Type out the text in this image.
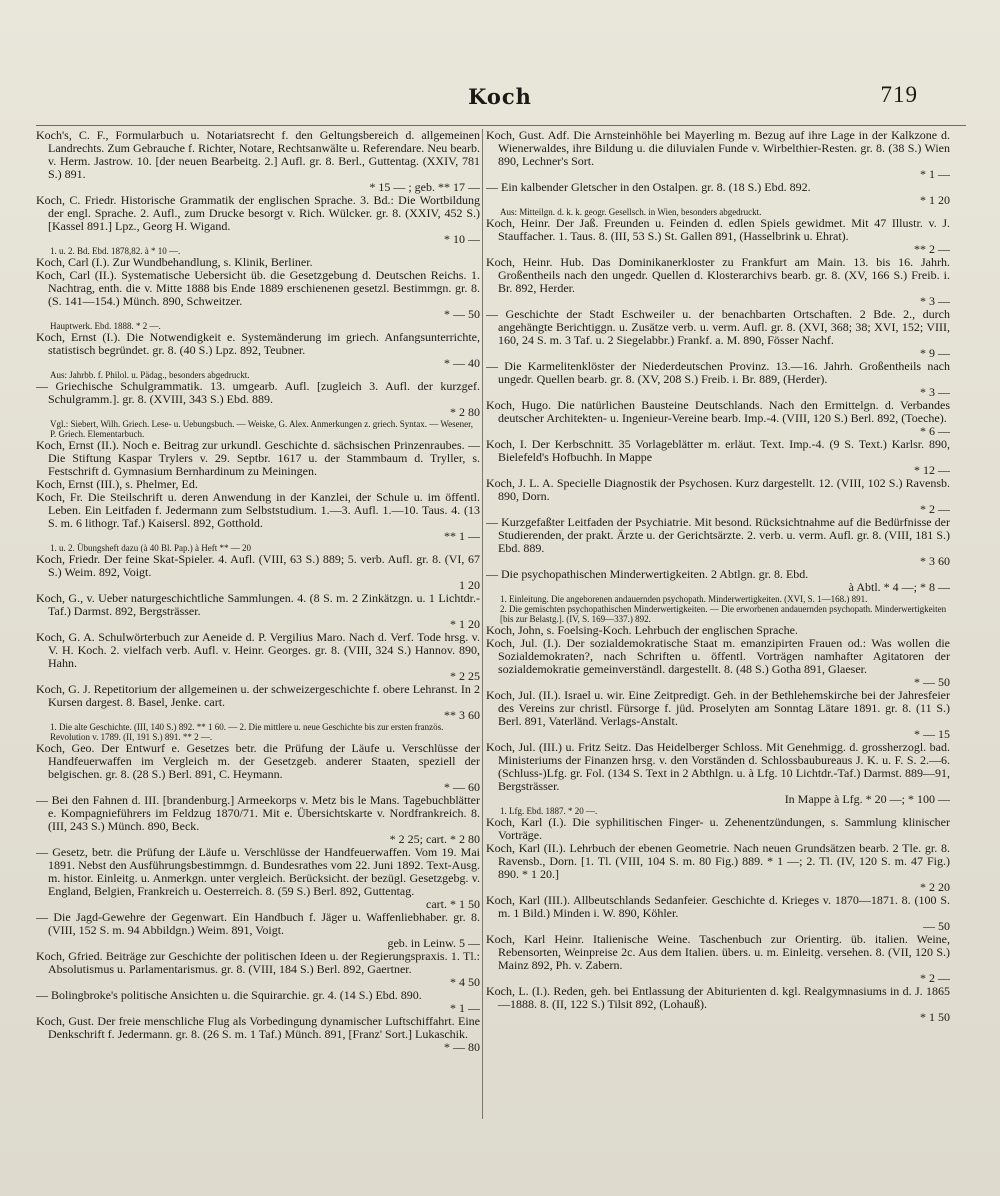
Koch	719

Koch's, C. F., Formularbuch u. Notariatsrecht f. den Geltungsbereich d. allgemeinen Landrechts. Zum Gebrauche f. Richter, Notare, Rechtsanwälte u. Referendare. Neu bearb. v. Herm. Jastrow. 10. [der neuen Bearbeitg. 2.] Aufl. gr. 8. Berl., Guttentag. (XXIV, 781 S.) 891.
* 15 — ; geb. ** 17 —

Koch, C. Friedr. Historische Grammatik der englischen Sprache. 3. Bd.: Die Wortbildung der engl. Sprache. 2. Aufl., zum Drucke besorgt v. Rich. Wülcker. gr. 8. (XXIV, 452 S.) [Kassel 891.] Lpz., Georg H. Wigand.
* 10 —

1. u. 2. Bd. Ebd. 1878,82. à * 10 —.

Koch, Carl (I.). Zur Wundbehandlung, s. Klinik, Berliner.

Koch, Carl (II.). Systematische Uebersicht üb. die Gesetzgebung d. Deutschen Reichs. 1. Nachtrag, enth. die v. Mitte 1888 bis Ende 1889 erschienenen gesetzl. Bestimmgn. gr. 8. (S. 141—154.) Münch. 890, Schweitzer.
* — 50

Hauptwerk. Ebd. 1888. * 2 —.

Koch, Ernst (I.). Die Notwendigkeit e. Systemänderung im griech. Anfangsunterrichte, statistisch begründet. gr. 8. (40 S.) Lpz. 892, Teubner.
* — 40

Aus: Jahrbb. f. Philol. u. Pädag., besonders abgedruckt.

— Griechische Schulgrammatik. 13. umgearb. Aufl. [zugleich 3. Aufl. der kurzgef. Schulgramm.]. gr. 8. (XVIII, 343 S.) Ebd. 889.
* 2 80

Vgl.: Siebert, Wilh. Griech. Lese- u. Uebungsbuch. — Weiske, G. Alex. Anmerkungen z. griech. Syntax. — Wesener, P. Griech. Elementarbuch.

Koch, Ernst (II.). Noch e. Beitrag zur urkundl. Geschichte d. sächsischen Prinzenraubes. — Die Stiftung Kaspar Trylers v. 29. Septbr. 1617 u. der Stammbaum d. Tryller, s. Festschrift d. Gymnasium Bernhardinum zu Meiningen.

Koch, Ernst (III.), s. Phelmer, Ed.

Koch, Fr. Die Steilschrift u. deren Anwendung in der Kanzlei, der Schule u. im öffentl. Leben. Ein Leitfaden f. Jedermann zum Selbststudium. 1.—3. Aufl. 1.—10. Taus. 4. (13 S. m. 6 lithogr. Taf.) Kaisersl. 892, Gotthold.
** 1 —

1. u. 2. Übungsheft dazu (à 40 Bl. Pap.) à Heft ** — 20

Koch, Friedr. Der feine Skat-Spieler. 4. Aufl. (VIII, 63 S.) 889; 5. verb. Aufl. gr. 8. (VI, 67 S.) Weim. 892, Voigt.
1 20

Koch, G., v. Ueber naturgeschichtliche Sammlungen. 4. (8 S. m. 2 Zinkätzgn. u. 1 Lichtdr.-Taf.) Darmst. 892, Bergsträsser.
* 1 20

Koch, G. A. Schulwörterbuch zur Aeneide d. P. Vergilius Maro. Nach d. Verf. Tode hrsg. v. V. H. Koch. 2. vielfach verb. Aufl. v. Heinr. Georges. gr. 8. (VIII, 324 S.) Hannov. 890, Hahn.
* 2 25

Koch, G. J. Repetitorium der allgemeinen u. der schweizergeschichte f. obere Lehranst. In 2 Kursen dargest. 8. Basel, Jenke. cart.
** 3 60

1. Die alte Geschichte. (III, 140 S.) 892. ** 1 60. — 2. Die mittlere u. neue Geschichte bis zur ersten französ. Revolution v. 1789. (II, 191 S.) 891. ** 2 —.

Koch, Geo. Der Entwurf e. Gesetzes betr. die Prüfung der Läufe u. Verschlüsse der Handfeuerwaffen im Vergleich m. der Gesetzgeb. anderer Staaten, speziell der belgischen. gr. 8. (28 S.) Berl. 891, C. Heymann.
* — 60

— Bei den Fahnen d. III. [brandenburg.] Armeekorps v. Metz bis le Mans. Tagebuchblätter e. Kompagnieführers im Feldzug 1870/71. Mit e. Übersichtskarte v. Nordfrankreich. 8. (III, 243 S.) Münch. 890, Beck.
* 2 25; cart. * 2 80

— Gesetz, betr. die Prüfung der Läufe u. Verschlüsse der Handfeuerwaffen. Vom 19. Mai 1891. Nebst den Ausführungsbestimmgn. d. Bundesrathes vom 22. Juni 1892. Text-Ausg. m. histor. Einleitg. u. Anmerkgn. unter vergleich. Berücksicht. der bezügl. Gesetzgebg. v. England, Belgien, Frankreich u. Oesterreich. 8. (59 S.) Berl. 892, Guttentag.
cart. * 1 50

— Die Jagd-Gewehre der Gegenwart. Ein Handbuch f. Jäger u. Waffenliebhaber. gr. 8. (VIII, 152 S. m. 94 Abbildgn.) Weim. 891, Voigt.
geb. in Leinw. 5 —

Koch, Gfried. Beiträge zur Geschichte der politischen Ideen u. der Regierungspraxis. 1. Tl.: Absolutismus u. Parlamentarismus. gr. 8. (VIII, 184 S.) Berl. 892, Gaertner.
* 4 50

— Bolingbroke's politische Ansichten u. die Squirarchie. gr. 4. (14 S.) Ebd. 890.
* 1 —

Koch, Gust. Der freie menschliche Flug als Vorbedingung dynamischer Luftschiffahrt. Eine Denkschrift f. Jedermann. gr. 8. (26 S. m. 1 Taf.) Münch. 891, [Franz' Sort.] Lukaschik.
* — 80

Koch, Gust. Adf. Die Arnsteinhöhle bei Mayerling m. Bezug auf ihre Lage in der Kalkzone d. Wienerwaldes, ihre Bildung u. die diluvialen Funde v. Wirbelthier-Resten. gr. 8. (38 S.) Wien 890, Lechner's Sort.
* 1 —

— Ein kalbender Gletscher in den Ostalpen. gr. 8. (18 S.) Ebd. 892.
* 1 20

Aus: Mitteilgn. d. k. k. geogr. Gesellsch. in Wien, besonders abgedruckt.

Koch, Heinr. Der Jaß. Freunden u. Feinden d. edlen Spiels gewidmet. Mit 47 Illustr. v. J. Stauffacher. 1. Taus. 8. (III, 53 S.) St. Gallen 891, (Hasselbrink u. Ehrat).
** 2 —

Koch, Heinr. Hub. Das Dominikanerkloster zu Frankfurt am Main. 13. bis 16. Jahrh. Großentheils nach den ungedr. Quellen d. Klosterarchivs bearb. gr. 8. (XV, 166 S.) Freib. i. Br. 892, Herder.
* 3 —

— Geschichte der Stadt Eschweiler u. der benachbarten Ortschaften. 2 Bde. 2., durch angehängte Berichtiggn. u. Zusätze verb. u. verm. Aufl. gr. 8. (XVI, 368; 38; XVI, 152; VIII, 160, 24 S. m. 3 Taf. u. 2 Siegelabbr.) Frankf. a. M. 890, Fösser Nachf.
* 9 —

— Die Karmelitenklöster der Niederdeutschen Provinz. 13.—16. Jahrh. Großentheils nach ungedr. Quellen bearb. gr. 8. (XV, 208 S.) Freib. i. Br. 889, (Herder).
* 3 —

Koch, Hugo. Die natürlichen Bausteine Deutschlands. Nach den Ermittelgn. d. Verbandes deutscher Architekten- u. Ingenieur-Vereine bearb. Imp.-4. (VIII, 120 S.) Berl. 892, (Toeche).
* 6 —

Koch, I. Der Kerbschnitt. 35 Vorlageblätter m. erläut. Text. Imp.-4. (9 S. Text.) Karlsr. 890, Bielefeld's Hofbuchh. In Mappe
* 12 —

Koch, J. L. A. Specielle Diagnostik der Psychosen. Kurz dargestellt. 12. (VIII, 102 S.) Ravensb. 890, Dorn.
* 2 —

— Kurzgefaßter Leitfaden der Psychiatrie. Mit besond. Rücksichtnahme auf die Bedürfnisse der Studierenden, der prakt. Ärzte u. der Gerichtsärzte. 2. verb. u. verm. Aufl. gr. 8. (VIII, 181 S.) Ebd. 889.
* 3 60

— Die psychopathischen Minderwertigkeiten. 2 Abtlgn. gr. 8. Ebd.
à Abtl. * 4 —; * 8 —

1. Einleitung. Die angeborenen andauernden psychopath. Minderwertigkeiten. (XVI, S. 1—168.) 891.

2. Die gemischten psychopathischen Minderwertigkeiten. — Die erworbenen andauernden psychopath. Minderwertigkeiten [bis zur Belastg.]. (IV, S. 169—337.) 892.

Koch, John, s. Foelsing-Koch. Lehrbuch der englischen Sprache.

Koch, Jul. (I.). Der sozialdemokratische Staat m. emanzipirten Frauen od.: Was wollen die Sozialdemokraten?, nach Schriften u. öffentl. Vorträgen namhafter Agitatoren der sozialdemokratie gemeinverständl. dargestellt. 8. (48 S.) Gotha 891, Glaeser.
* — 50

Koch, Jul. (II.). Israel u. wir. Eine Zeitpredigt. Geh. in der Bethlehemskirche bei der Jahresfeier des Vereins zur christl. Fürsorge f. jüd. Proselyten am Sonntag Lätare 1891. gr. 8. (11 S.) Berl. 891, Vaterländ. Verlags-Anstalt.
* — 15

Koch, Jul. (III.) u. Fritz Seitz. Das Heidelberger Schloss. Mit Genehmigg. d. grossherzogl. bad. Ministeriums der Finanzen hrsg. v. den Vorständen d. Schlossbaubureaus J. K. u. F. S. 2.—6. (Schluss-)Lfg. gr. Fol. (134 S. Text in 2 Abthlgn. u. à Lfg. 10 Lichtdr.-Taf.) Darmst. 889—91, Bergsträsser.
In Mappe à Lfg. * 20 —; * 100 —

1. Lfg. Ebd. 1887. * 20 —.

Koch, Karl (I.). Die syphilitischen Finger- u. Zehenentzündungen, s. Sammlung klinischer Vorträge.

Koch, Karl (II.). Lehrbuch der ebenen Geometrie. Nach neuen Grundsätzen bearb. 2 Tle. gr. 8. Ravensb., Dorn. [1. Tl. (VIII, 104 S. m. 80 Fig.) 889. * 1 —; 2. Tl. (IV, 120 S. m. 47 Fig.) 890. * 1 20.]
* 2 20

Koch, Karl (III.). Allbeutschlands Sedanfeier. Geschichte d. Krieges v. 1870—1871. 8. (100 S. m. 1 Bild.) Minden i. W. 890, Köhler.
— 50

Koch, Karl Heinr. Italienische Weine. Taschenbuch zur Orientirg. üb. italien. Weine, Rebensorten, Weinpreise 2c. Aus dem Italien. übers. u. m. Einleitg. versehen. 8. (VII, 120 S.) Mainz 892, Ph. v. Zabern.
* 2 —

Koch, L. (I.). Reden, geh. bei Entlassung der Abiturienten d. kgl. Realgymnasiums in d. J. 1865—1888. 8. (II, 122 S.) Tilsit 892, (Lohauß).
* 1 50
